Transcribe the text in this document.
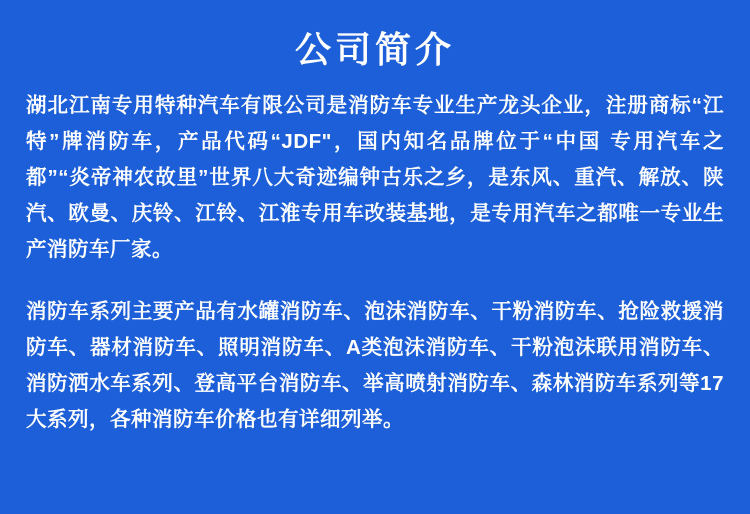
公司简介

湖北江南专用特种汽车有限公司是消防车专业生产龙头企业，注册商标“江特”牌消防车，产品代码“JDF"，国内知名品牌位于“中国 专用汽车之都”“炎帝神农故里”世界八大奇迹编钟古乐之乡，是东风、重汽、解放、陕汽、欧曼、庆铃、江铃、江淮专用车改装基地，是专用汽车之都唯一专业生产消防车厂家。

消防车系列主要产品有水罐消防车、泡沫消防车、干粉消防车、抢险救援消防车、器材消防车、照明消防车、A类泡沫消防车、干粉泡沫联用消防车、消防洒水车系列、登高平台消防车、举高喷射消防车、森林消防车系列等17大系列，各种消防车价格也有详细列举。
